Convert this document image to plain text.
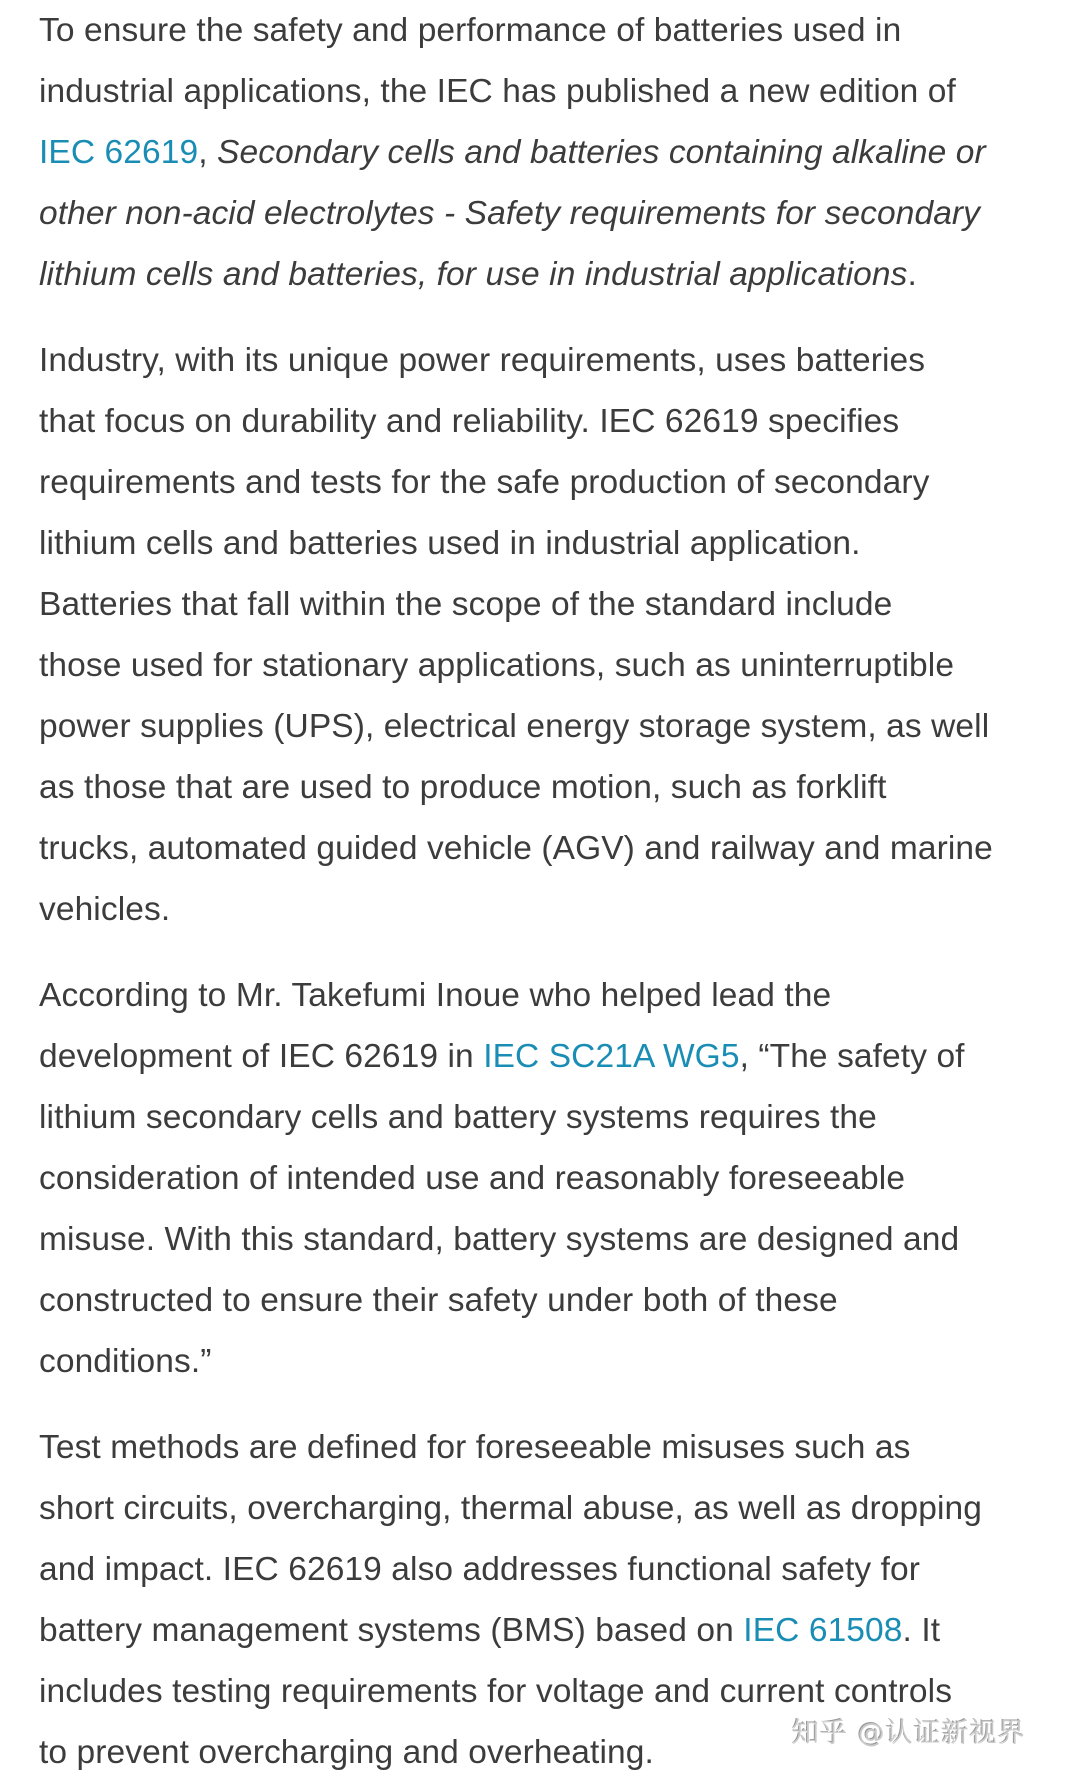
To ensure the safety and performance of batteries used in
industrial applications, the IEC has published a new edition of
IEC 62619, Secondary cells and batteries containing alkaline or
other non-acid electrolytes - Safety requirements for secondary
lithium cells and batteries, for use in industrial applications.
Industry, with its unique power requirements, uses batteries
that focus on durability and reliability. IEC 62619 specifies
requirements and tests for the safe production of secondary
lithium cells and batteries used in industrial application.
Batteries that fall within the scope of the standard include
those used for stationary applications, such as uninterruptible
power supplies (UPS), electrical energy storage system, as well
as those that are used to produce motion, such as forklift
trucks, automated guided vehicle (AGV) and railway and marine
vehicles.
According to Mr. Takefumi Inoue who helped lead the
development of IEC 62619 in IEC SC21A WG5, “The safety of
lithium secondary cells and battery systems requires the
consideration of intended use and reasonably foreseeable
misuse. With this standard, battery systems are designed and
constructed to ensure their safety under both of these
conditions.”
Test methods are defined for foreseeable misuses such as
short circuits, overcharging, thermal abuse, as well as dropping
and impact. IEC 62619 also addresses functional safety for
battery management systems (BMS) based on IEC 61508. It
includes testing requirements for voltage and current controls
to prevent overcharging and overheating.
知乎 @认证新视界
